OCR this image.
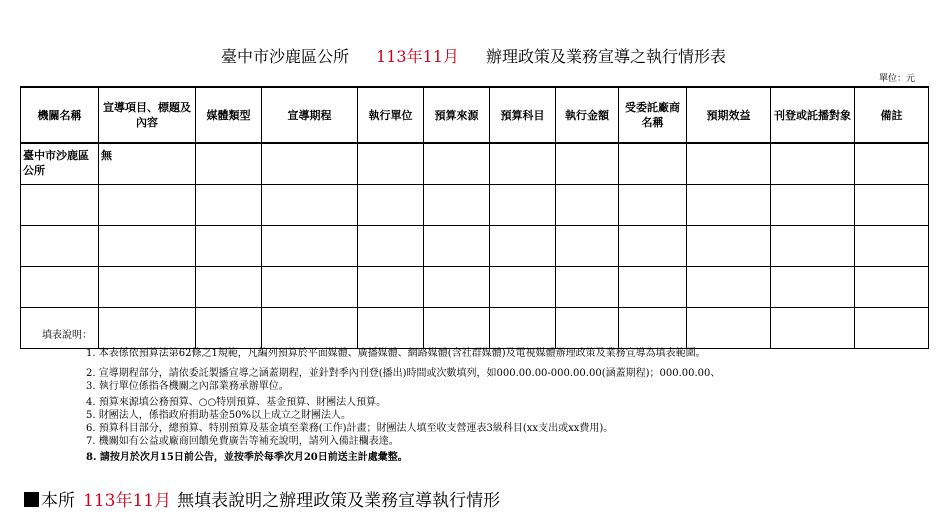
臺中市沙鹿區公所 113年11月 辦理政策及業務宣導之執行情形表
單位：元
機關名稱	宣導項目、標題及內容	媒體類型	宣導期程	執行單位	預算來源	預算科目	執行金額	受委託廠商名稱	預期效益	刊登或託播對象	備註
臺中市沙鹿區公所	無										

填表說明：
1. 本表係依預算法第62條之1規範，凡編列預算於平面媒體、廣播媒體、網路媒體(含社群媒體)及電視媒體辦理政策及業務宣導為填表範圍。
2. 宣導期程部分，請依委託製播宣導之涵蓋期程，並針對季內刊登(播出)時間或次數填列，如000.00.00-000.00.00(涵蓋期程)；000.00.00、
3. 執行單位係指各機關之內部業務承辦單位。
4. 預算來源填公務預算、○○特別預算、基金預算、財團法人預算。
5. 財團法人，係指政府捐助基金50%以上成立之財團法人。
6. 預算科目部分，總預算、特別預算及基金填至業務(工作)計畫；財團法人填至收支營運表3級科目(xx支出或xx費用)。
7. 機關如有公益或廠商回饋免費廣告等補充說明，請列入備註欄表達。
8. 請按月於次月15日前公告，並按季於每季次月20日前送主計處彙整。
本所 113年11月 無填表說明之辦理政策及業務宣導執行情形
